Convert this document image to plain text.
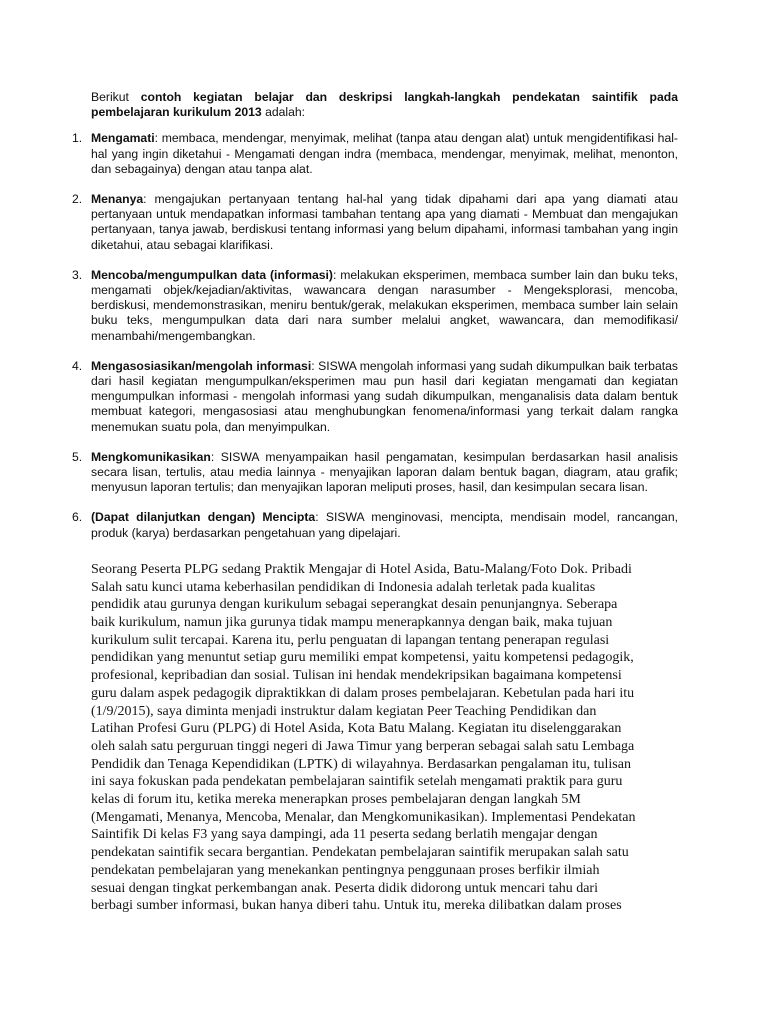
Berikut contoh kegiatan belajar dan deskripsi langkah-langkah pendekatan saintifik pada pembelajaran kurikulum 2013 adalah:

1. Mengamati: membaca, mendengar, menyimak, melihat (tanpa atau dengan alat) untuk mengidentifikasi hal-hal yang ingin diketahui - Mengamati dengan indra (membaca, mendengar, menyimak, melihat, menonton, dan sebagainya) dengan atau tanpa alat.
2. Menanya: mengajukan pertanyaan tentang hal-hal yang tidak dipahami dari apa yang diamati atau pertanyaan untuk mendapatkan informasi tambahan tentang apa yang diamati - Membuat dan mengajukan pertanyaan, tanya jawab, berdiskusi tentang informasi yang belum dipahami, informasi tambahan yang ingin diketahui, atau sebagai klarifikasi.
3. Mencoba/mengumpulkan data (informasi): melakukan eksperimen, membaca sumber lain dan buku teks, mengamati objek/kejadian/aktivitas, wawancara dengan narasumber - Mengeksplorasi, mencoba, berdiskusi, mendemonstrasikan, meniru bentuk/gerak, melakukan eksperimen, membaca sumber lain selain buku teks, mengumpulkan data dari nara sumber melalui angket, wawancara, dan memodifikasi/ menambahi/mengembangkan.
4. Mengasosiasikan/mengolah informasi: SISWA mengolah informasi yang sudah dikumpulkan baik terbatas dari hasil kegiatan mengumpulkan/eksperimen mau pun hasil dari kegiatan mengamati dan kegiatan mengumpulkan informasi - mengolah informasi yang sudah dikumpulkan, menganalisis data dalam bentuk membuat kategori, mengasosiasi atau menghubungkan fenomena/informasi yang terkait dalam rangka menemukan suatu pola, dan menyimpulkan.
5. Mengkomunikasikan: SISWA menyampaikan hasil pengamatan, kesimpulan berdasarkan hasil analisis secara lisan, tertulis, atau media lainnya - menyajikan laporan dalam bentuk bagan, diagram, atau grafik; menyusun laporan tertulis; dan menyajikan laporan meliputi proses, hasil, dan kesimpulan secara lisan.
6. (Dapat dilanjutkan dengan) Mencipta: SISWA menginovasi, mencipta, mendisain model, rancangan, produk (karya) berdasarkan pengetahuan yang dipelajari.
Seorang Peserta PLPG sedang Praktik Mengajar di Hotel Asida, Batu-Malang/Foto Dok. Pribadi
Salah satu kunci utama keberhasilan pendidikan di Indonesia adalah terletak pada kualitas
pendidik atau gurunya dengan kurikulum sebagai seperangkat desain penunjangnya. Seberapa
baik kurikulum, namun jika gurunya tidak mampu menerapkannya dengan baik, maka tujuan
kurikulum sulit tercapai. Karena itu, perlu penguatan di lapangan tentang penerapan regulasi
pendidikan yang menuntut setiap guru memiliki empat kompetensi, yaitu kompetensi pedagogik,
profesional, kepribadian dan sosial. Tulisan ini hendak mendekripsikan bagaimana kompetensi
guru dalam aspek pedagogik dipraktikkan di dalam proses pembelajaran. Kebetulan pada hari itu
(1/9/2015), saya diminta menjadi instruktur dalam kegiatan Peer Teaching Pendidikan dan
Latihan Profesi Guru (PLPG) di Hotel Asida, Kota Batu Malang. Kegiatan itu diselenggarakan
oleh salah satu perguruan tinggi negeri di Jawa Timur yang berperan sebagai salah satu Lembaga
Pendidik dan Tenaga Kependidikan (LPTK) di wilayahnya. Berdasarkan pengalaman itu, tulisan
ini saya fokuskan pada pendekatan pembelajaran saintifik setelah mengamati praktik para guru
kelas di forum itu, ketika mereka menerapkan proses pembelajaran dengan langkah 5M
(Mengamati, Menanya, Mencoba, Menalar, dan Mengkomunikasikan). Implementasi Pendekatan
Saintifik Di kelas F3 yang saya dampingi, ada 11 peserta sedang berlatih mengajar dengan
pendekatan saintifik secara bergantian. Pendekatan pembelajaran saintifik merupakan salah satu
pendekatan pembelajaran yang menekankan pentingnya penggunaan proses berfikir ilmiah
sesuai dengan tingkat perkembangan anak. Peserta didik didorong untuk mencari tahu dari
berbagi sumber informasi, bukan hanya diberi tahu. Untuk itu, mereka dilibatkan dalam proses
